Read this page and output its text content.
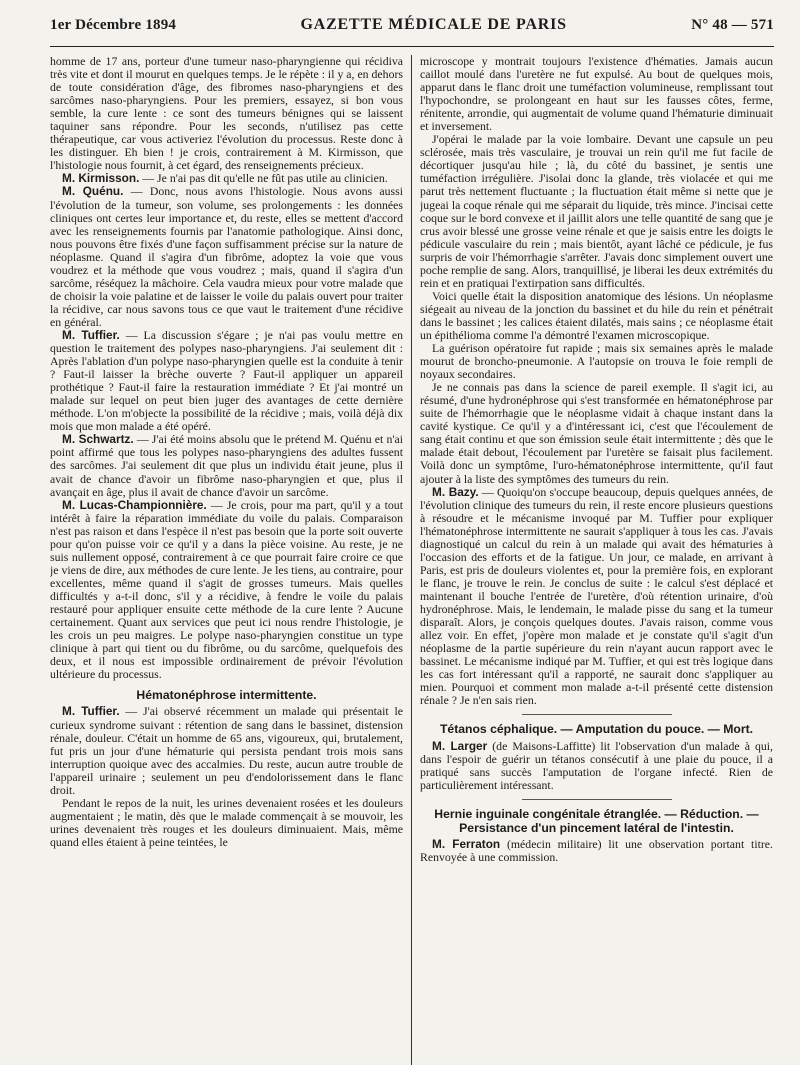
1er Décembre 1894	GAZETTE MÉDICALE DE PARIS	N° 48 — 571

homme de 17 ans, porteur d'une tumeur naso-pharyngienne qui récidiva très vite et dont il mourut en quelques temps. Je le répète : il y a, en dehors de toute considération d'âge, des fibromes naso-pharyngiens et des sarcômes naso-pharyngiens. Pour les premiers, essayez, si bon vous semble, la cure lente : ce sont des tumeurs bénignes qui se laissent taquiner sans répondre. Pour les seconds, n'utilisez pas cette thérapeutique, car vous activeriez l'évolution du processus. Reste donc à les distinguer. Eh bien ! je crois, contrairement à M. Kirmisson, que l'histologie nous fournit, à cet égard, des renseignements précieux.

M. Kirmisson. — Je n'ai pas dit qu'elle ne fût pas utile au clinicien.

M. Quénu. — Donc, nous avons l'histologie. Nous avons aussi l'évolution de la tumeur, son volume, ses prolongements : les données cliniques ont certes leur importance et, du reste, elles se mettent d'accord avec les renseignements fournis par l'anatomie pathologique. Ainsi donc, nous pouvons être fixés d'une façon suffisamment précise sur la nature de néoplasme. Quand il s'agira d'un fibrôme, adoptez la voie que vous voudrez et la méthode que vous voudrez ; mais, quand il s'agira d'un sarcôme, réséquez la mâchoire. Cela vaudra mieux pour votre malade que de choisir la voie palatine et de laisser le voile du palais ouvert pour traiter la récidive, car nous savons tous ce que vaut le traitement d'une récidive en général.

M. Tuffier. — La discussion s'égare ; je n'ai pas voulu mettre en question le traitement des polypes naso-pharyngiens. J'ai seulement dit : Après l'ablation d'un polype naso-pharyngien quelle est la conduite à tenir ? Faut-il laisser la brèche ouverte ? Faut-il appliquer un appareil prothétique ? Faut-il faire la restauration immédiate ? Et j'ai montré un malade sur lequel on peut bien juger des avantages de cette dernière méthode. L'on m'objecte la possibilité de la récidive ; mais, voilà déjà dix mois que mon malade a été opéré.

M. Schwartz. — J'ai été moins absolu que le prétend M. Quénu et n'ai point affirmé que tous les polypes naso-pharyngiens des adultes fussent des sarcômes. J'ai seulement dit que plus un individu était jeune, plus il avait de chance d'avoir un fibrôme naso-pharyngien et que, plus il avançait en âge, plus il avait de chance d'avoir un sarcôme.

M. Lucas-Championnière. — Je crois, pour ma part, qu'il y a tout intérêt à faire la réparation immédiate du voile du palais. Comparaison n'est pas raison et dans l'espèce il n'est pas besoin que la porte soit ouverte pour qu'on puisse voir ce qu'il y a dans la pièce voisine. Au reste, je ne suis nullement opposé, contrairement à ce que pourrait faire croire ce que je viens de dire, aux méthodes de cure lente. Je les tiens, au contraire, pour excellentes, même quand il s'agit de grosses tumeurs. Mais quelles difficultés y a-t-il donc, s'il y a récidive, à fendre le voile du palais restauré pour appliquer ensuite cette méthode de la cure lente ? Aucune certainement. Quant aux services que peut ici nous rendre l'histologie, je les crois un peu maigres. Le polype naso-pharyngien constitue un type clinique à part qui tient ou du fibrôme, ou du sarcôme, quelquefois des deux, et il nous est impossible ordinairement de prévoir l'évolution ultérieure du processus.

Hématonéphrose intermittente.

M. Tuffier. — J'ai observé récemment un malade qui présentait le curieux syndrome suivant : rétention de sang dans le bassinet, distension rénale, douleur. C'était un homme de 65 ans, vigoureux, qui, brutalement, fut pris un jour d'une hématurie qui persista pendant trois mois sans interruption quoique avec des accalmies. Du reste, aucun autre trouble de l'appareil urinaire ; seulement un peu d'endolorissement dans le flanc droit.

Pendant le repos de la nuit, les urines devenaient rosées et les douleurs augmentaient ; le matin, dès que le malade commençait à se mouvoir, les urines devenaient très rouges et les douleurs diminuaient. Mais, même quand elles étaient à peine teintées, le

microscope y montrait toujours l'existence d'hématies. Jamais aucun caillot moulé dans l'uretère ne fut expulsé. Au bout de quelques mois, apparut dans le flanc droit une tuméfaction volumineuse, remplissant tout l'hypochondre, se prolongeant en haut sur les fausses côtes, ferme, rénitente, arrondie, qui augmentait de volume quand l'hématurie diminuait et inversement.

J'opérai le malade par la voie lombaire. Devant une capsule un peu sclérosée, mais très vasculaire, je trouvai un rein qu'il me fut facile de décortiquer jusqu'au hile ; là, du côté du bassinet, je sentis une tuméfaction irrégulière. J'isolai donc la glande, très violacée et qui me parut très nettement fluctuante ; la fluctuation était même si nette que je jugeai la coque rénale qui me séparait du liquide, très mince. J'incisai cette coque sur le bord convexe et il jaillit alors une telle quantité de sang que je crus avoir blessé une grosse veine rénale et que je saisis entre les doigts le pédicule vasculaire du rein ; mais bientôt, ayant lâché ce pédicule, je fus surpris de voir l'hémorrhagie s'arrêter. J'avais donc simplement ouvert une poche remplie de sang. Alors, tranquillisé, je liberai les deux extrémités du rein et en pratiquai l'extirpation sans difficultés.

Voici quelle était la disposition anatomique des lésions. Un néoplasme siégeait au niveau de la jonction du bassinet et du hile du rein et pénétrait dans le bassinet ; les calices étaient dilatés, mais sains ; ce néoplasme était un épithélioma comme l'a démontré l'examen microscopique.

La guérison opératoire fut rapide ; mais six semaines après le malade mourut de broncho-pneumonie. A l'autopsie on trouva le foie rempli de noyaux secondaires.

Je ne connais pas dans la science de pareil exemple. Il s'agit ici, au résumé, d'une hydronéphrose qui s'est transformée en hématonéphrose par suite de l'hémorrhagie que le néoplasme vidait à chaque instant dans la cavité kystique. Ce qu'il y a d'intéressant ici, c'est que l'écoulement de sang était continu et que son émission seule était intermittente ; dès que le malade était debout, l'écoulement par l'uretère se faisait plus facilement. Voilà donc un symptôme, l'uro-hématonéphrose intermittente, qu'il faut ajouter à la liste des symptômes des tumeurs du rein.

M. Bazy. — Quoiqu'on s'occupe beaucoup, depuis quelques années, de l'évolution clinique des tumeurs du rein, il reste encore plusieurs questions à résoudre et le mécanisme invoqué par M. Tuffier pour expliquer l'hématonéphrose intermittente ne saurait s'appliquer à tous les cas. J'avais diagnostiqué un calcul du rein à un malade qui avait des hématuries à l'occasion des efforts et de la fatigue. Un jour, ce malade, en arrivant à Paris, est pris de douleurs violentes et, pour la première fois, en explorant le flanc, je trouve le rein. Je conclus de suite : le calcul s'est déplacé et maintenant il bouche l'entrée de l'uretère, d'où rétention urinaire, d'où hydronéphrose. Mais, le lendemain, le malade pisse du sang et la tumeur disparaît. Alors, je conçois quelques doutes. J'avais raison, comme vous allez voir. En effet, j'opère mon malade et je constate qu'il s'agit d'un néoplasme de la partie supérieure du rein n'ayant aucun rapport avec le bassinet. Le mécanisme indiqué par M. Tuffier, et qui est très logique dans les cas fort intéressant qu'il a rapporté, ne saurait donc s'appliquer au mien. Pourquoi et comment mon malade a-t-il présenté cette distension rénale ? Je n'en sais rien.

Tétanos céphalique. — Amputation du pouce. — Mort.

M. Larger (de Maisons-Laffitte) lit l'observation d'un malade à qui, dans l'espoir de guérir un tétanos consécutif à une plaie du pouce, il a pratiqué sans succès l'amputation de l'organe infecté. Rien de particulièrement intéressant.

Hernie inguinale congénitale étranglée. — Réduction. — Persistance d'un pincement latéral de l'intestin.

M. Ferraton (médecin militaire) lit une observation portant titre. Renvoyée à une commission.
